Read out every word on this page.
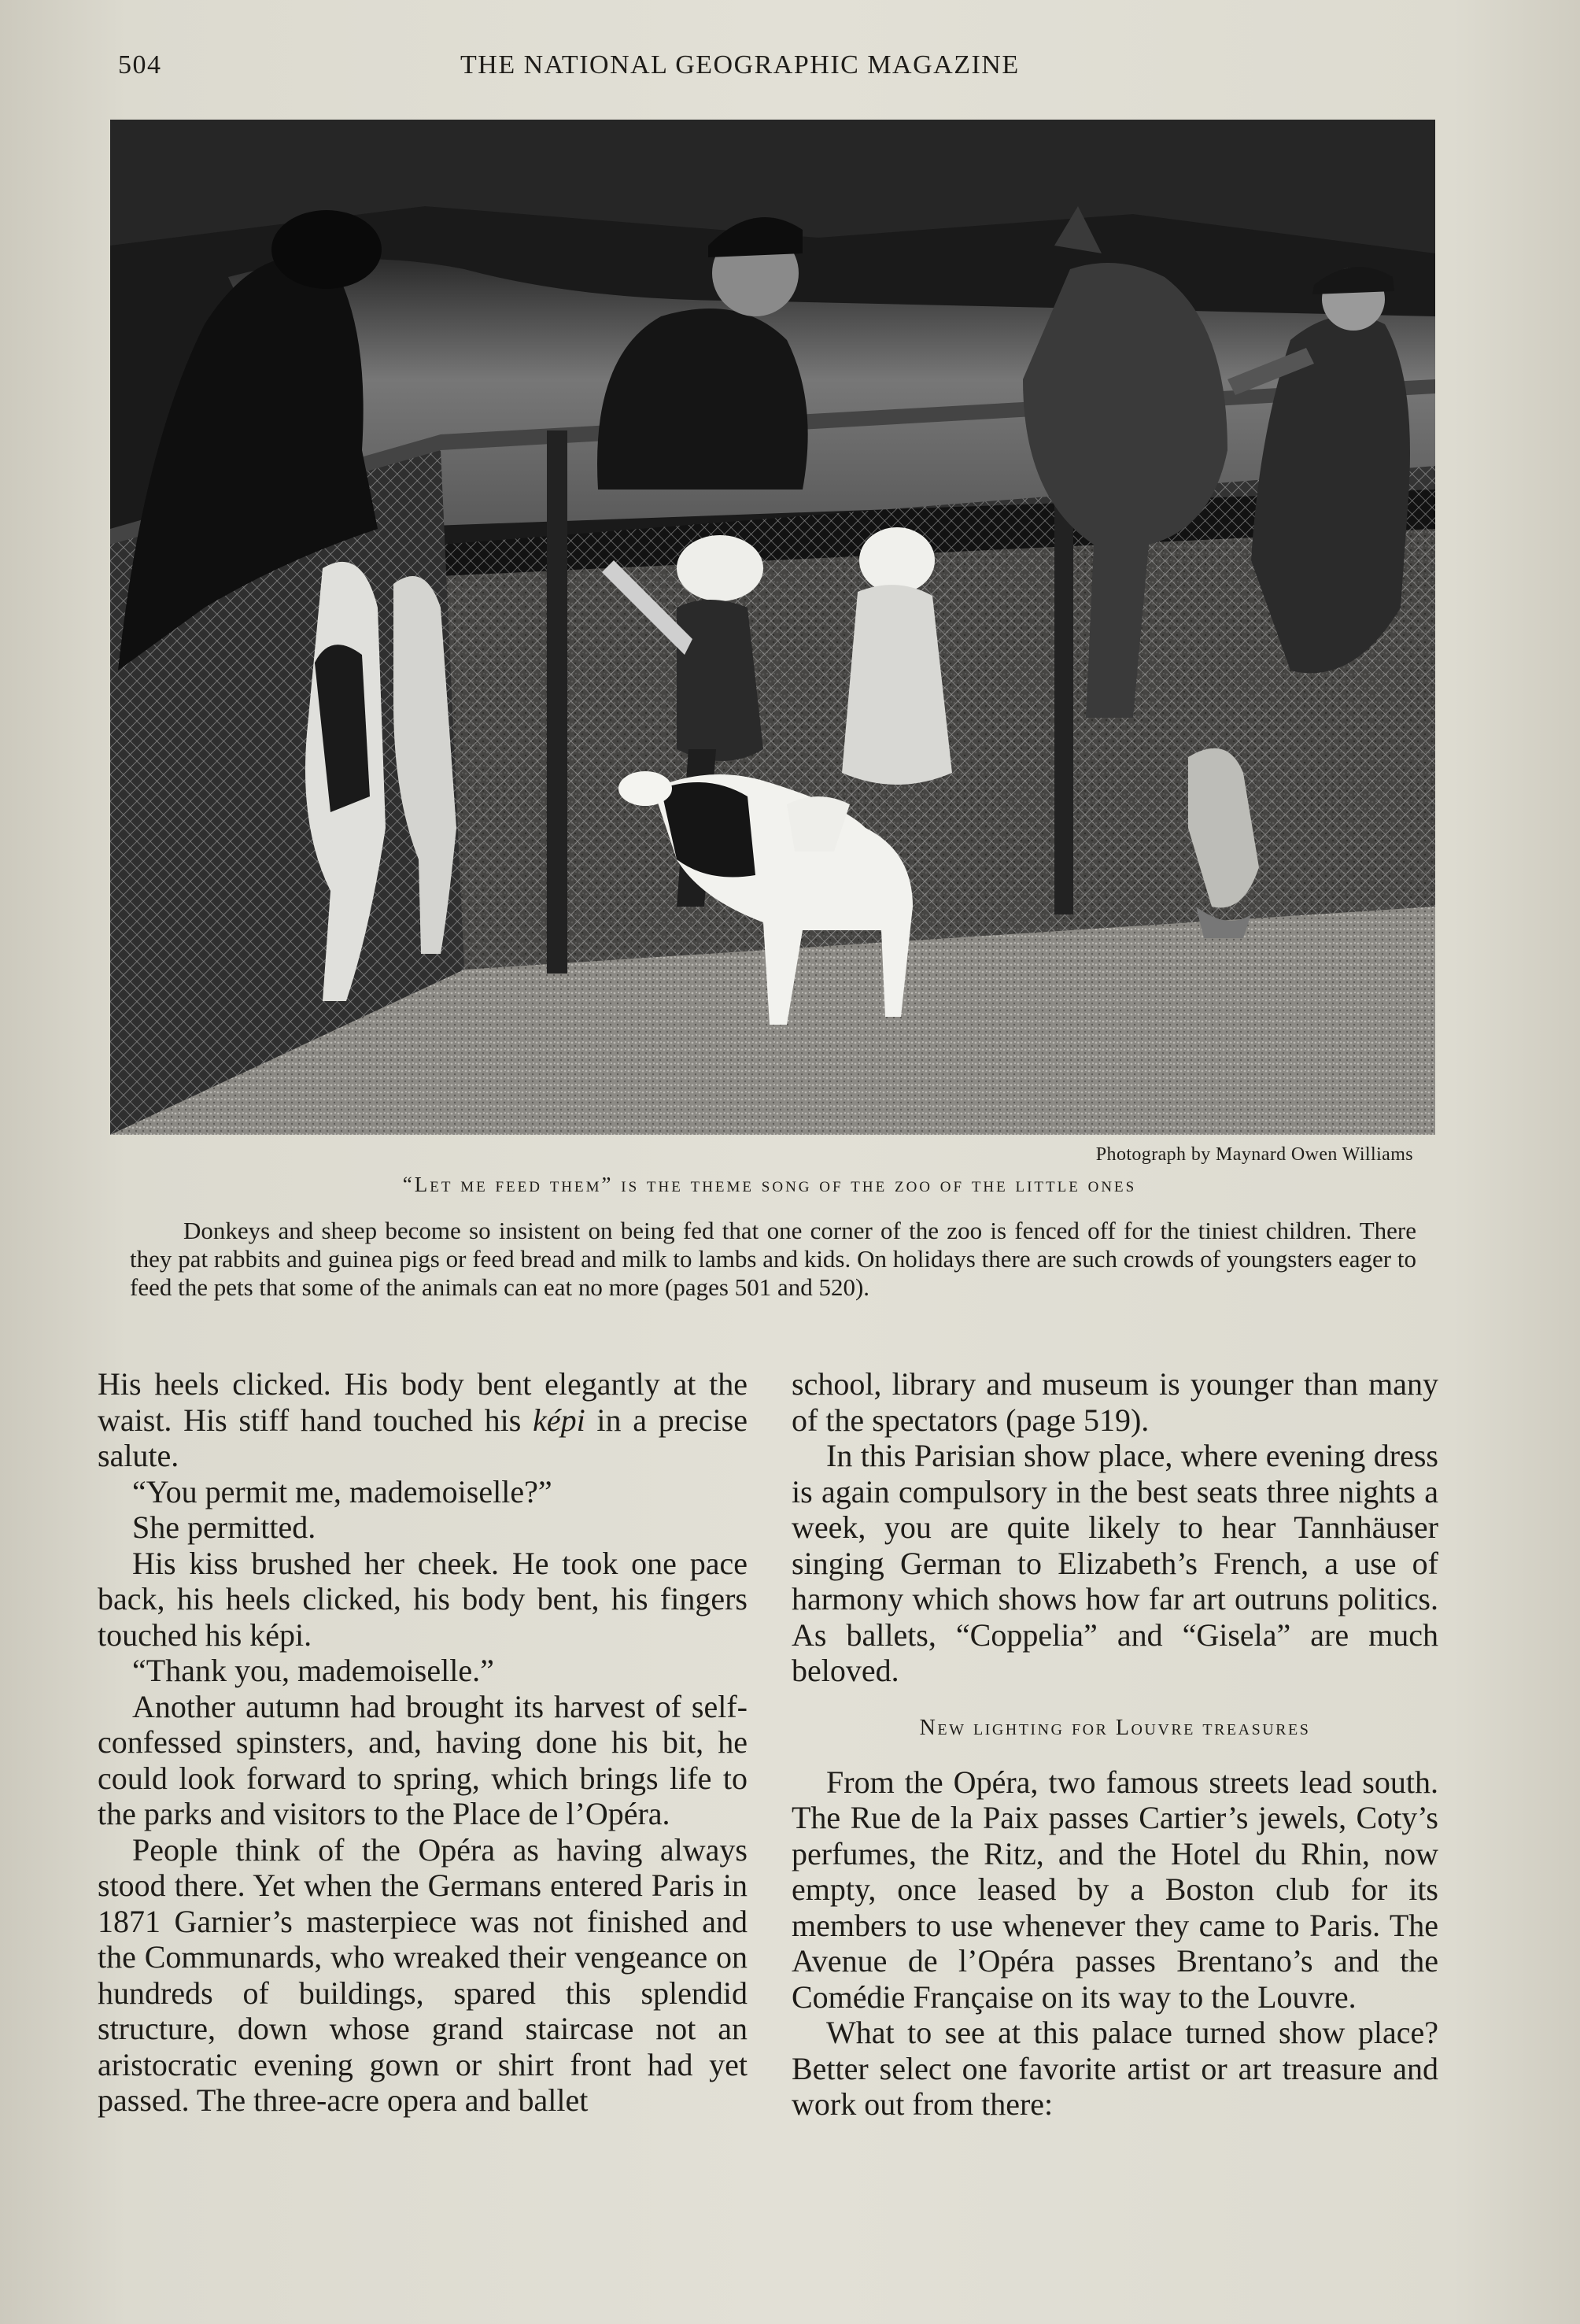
504	THE NATIONAL GEOGRAPHIC MAGAZINE
Photograph by Maynard Owen Williams
“Let me feed them” is the theme song of the zoo of the little ones
Donkeys and sheep become so insistent on being fed that one corner of the zoo is fenced off for the tiniest children. There they pat rabbits and guinea pigs or feed bread and milk to lambs and kids. On holidays there are such crowds of youngsters eager to feed the pets that some of the animals can eat no more (pages 501 and 520).

His heels clicked. His body bent elegantly at the waist. His stiff hand touched his képi in a precise salute.

“You permit me, mademoiselle?”

She permitted.

His kiss brushed her cheek. He took one pace back, his heels clicked, his body bent, his fingers touched his képi.

“Thank you, mademoiselle.”

Another autumn had brought its harvest of self-confessed spinsters, and, having done his bit, he could look forward to spring, which brings life to the parks and visitors to the Place de l’Opéra.

People think of the Opéra as having always stood there. Yet when the Germans entered Paris in 1871 Garnier’s masterpiece was not finished and the Communards, who wreaked their vengeance on hundreds of buildings, spared this splendid structure, down whose grand staircase not an aristocratic evening gown or shirt front had yet passed. The three-acre opera and ballet

school, library and museum is younger than many of the spectators (page 519).

In this Parisian show place, where evening dress is again compulsory in the best seats three nights a week, you are quite likely to hear Tannhäuser singing German to Elizabeth’s French, a use of harmony which shows how far art outruns politics. As ballets, “Coppelia” and “Gisela” are much beloved.

New lighting for Louvre treasures

From the Opéra, two famous streets lead south. The Rue de la Paix passes Cartier’s jewels, Coty’s perfumes, the Ritz, and the Hotel du Rhin, now empty, once leased by a Boston club for its members to use whenever they came to Paris. The Avenue de l’Opéra passes Brentano’s and the Comédie Française on its way to the Louvre.

What to see at this palace turned show place? Better select one favorite artist or art treasure and work out from there:
